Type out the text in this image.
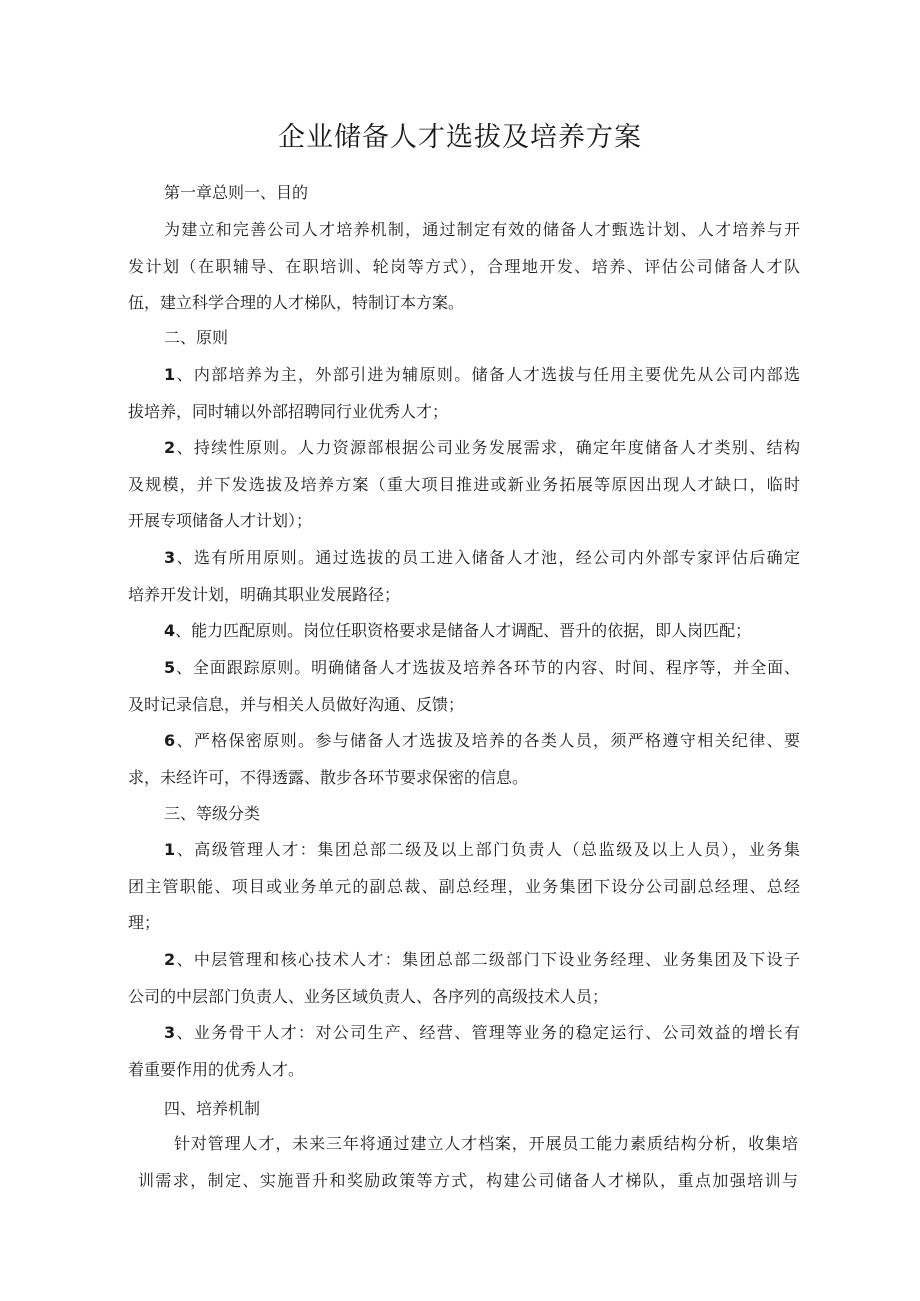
企业储备人才选拔及培养方案
第一章总则一、目的
为建立和完善公司人才培养机制，通过制定有效的储备人才甄选计划、人才培养与开
发计划（在职辅导、在职培训、轮岗等方式），合理地开发、培养、评估公司储备人才队
伍，建立科学合理的人才梯队，特制订本方案。
二、原则
1、内部培养为主，外部引进为辅原则。储备人才选拔与任用主要优先从公司内部选
拔培养，同时辅以外部招聘同行业优秀人才；
2、持续性原则。人力资源部根据公司业务发展需求，确定年度储备人才类别、结构
及规模，并下发选拔及培养方案（重大项目推进或新业务拓展等原因出现人才缺口，临时
开展专项储备人才计划）；
3、选有所用原则。通过选拔的员工进入储备人才池，经公司内外部专家评估后确定
培养开发计划，明确其职业发展路径；
4、能力匹配原则。岗位任职资格要求是储备人才调配、晋升的依据，即人岗匹配；
5、全面跟踪原则。明确储备人才选拔及培养各环节的内容、时间、程序等，并全面、
及时记录信息，并与相关人员做好沟通、反馈；
6、严格保密原则。参与储备人才选拔及培养的各类人员，须严格遵守相关纪律、要
求，未经许可，不得透露、散步各环节要求保密的信息。
三、等级分类
1、高级管理人才：集团总部二级及以上部门负责人（总监级及以上人员），业务集
团主管职能、项目或业务单元的副总裁、副总经理，业务集团下设分公司副总经理、总经
理；
2、中层管理和核心技术人才：集团总部二级部门下设业务经理、业务集团及下设子
公司的中层部门负责人、业务区域负责人、各序列的高级技术人员；
3、业务骨干人才：对公司生产、经营、管理等业务的稳定运行、公司效益的增长有
着重要作用的优秀人才。
四、培养机制
针对管理人才，未来三年将通过建立人才档案，开展员工能力素质结构分析，收集培
训需求，制定、实施晋升和奖励政策等方式，构建公司储备人才梯队，重点加强培训与
